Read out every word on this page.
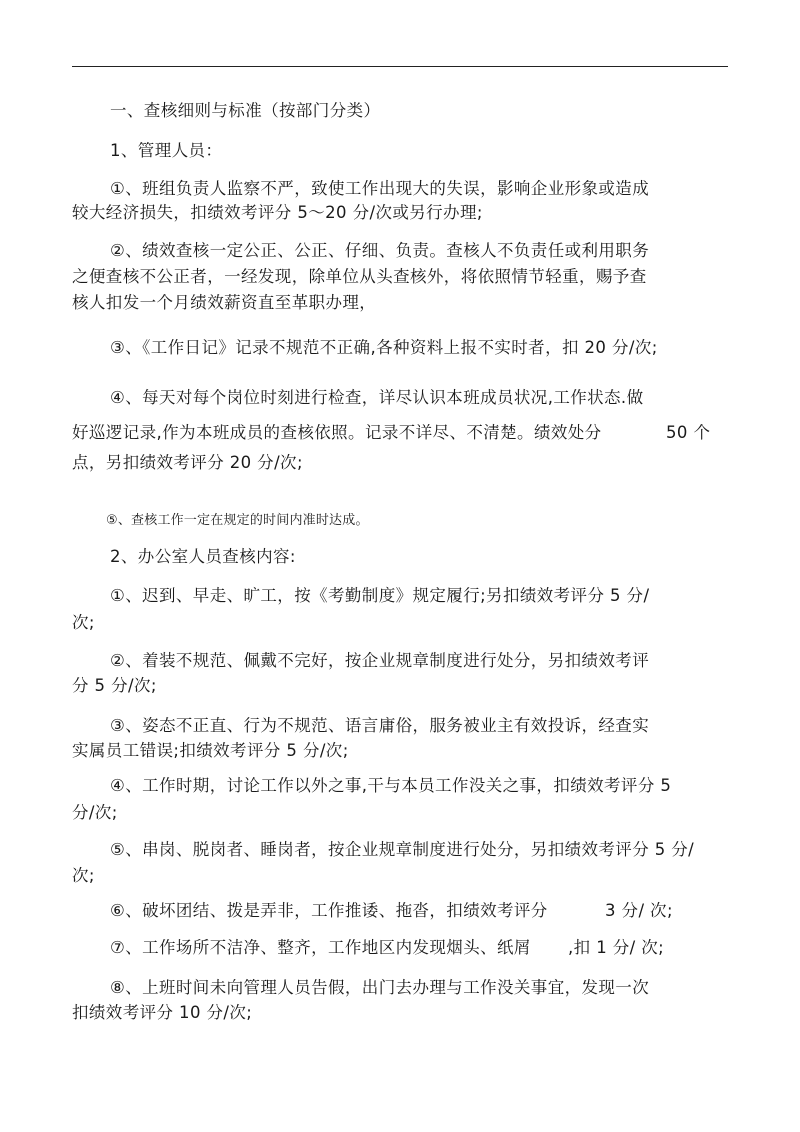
一、查核细则与标准（按部门分类）
1、管理人员：
①、班组负责人监察不严，致使工作出现大的失误，影响企业形象或造成
较大经济损失，扣绩效考评分 5～20 分/次或另行办理;
②、绩效查核一定公正、公正、仔细、负责。查核人不负责任或利用职务
之便查核不公正者，一经发现，除单位从头查核外，将依照情节轻重，赐予查
核人扣发一个月绩效薪资直至革职办理，
③、《工作日记》记录不规范不正确,各种资料上报不实时者，扣 20 分/次;
④、每天对每个岗位时刻进行检查，详尽认识本班成员状况,工作状态.做
好巡逻记录,作为本班成员的查核依照。记录不详尽、不清楚。绩效处分	50 个
点，另扣绩效考评分 20 分/次;
⑤、查核工作一定在规定的时间内准时达成。
2、办公室人员查核内容:
①、迟到、早走、旷工，按《考勤制度》规定履行;另扣绩效考评分 5 分/
次;
②、着装不规范、佩戴不完好，按企业规章制度进行处分，另扣绩效考评
分 5 分/次;
③、姿态不正直、行为不规范、语言庸俗，服务被业主有效投诉，经查实
实属员工错误;扣绩效考评分 5 分/次;
④、工作时期，讨论工作以外之事,干与本员工作没关之事，扣绩效考评分 5
分/次;
⑤、串岗、脱岗者、睡岗者，按企业规章制度进行处分，另扣绩效考评分 5 分/
次;
⑥、破坏团结、拨是弄非，工作推诿、拖沓，扣绩效考评分	3 分/ 次;
⑦、工作场所不洁净、整齐，工作地区内发现烟头、纸屑 ,扣 1 分/ 次;
⑧、上班时间未向管理人员告假，出门去办理与工作没关事宜，发现一次
扣绩效考评分 10 分/次;
